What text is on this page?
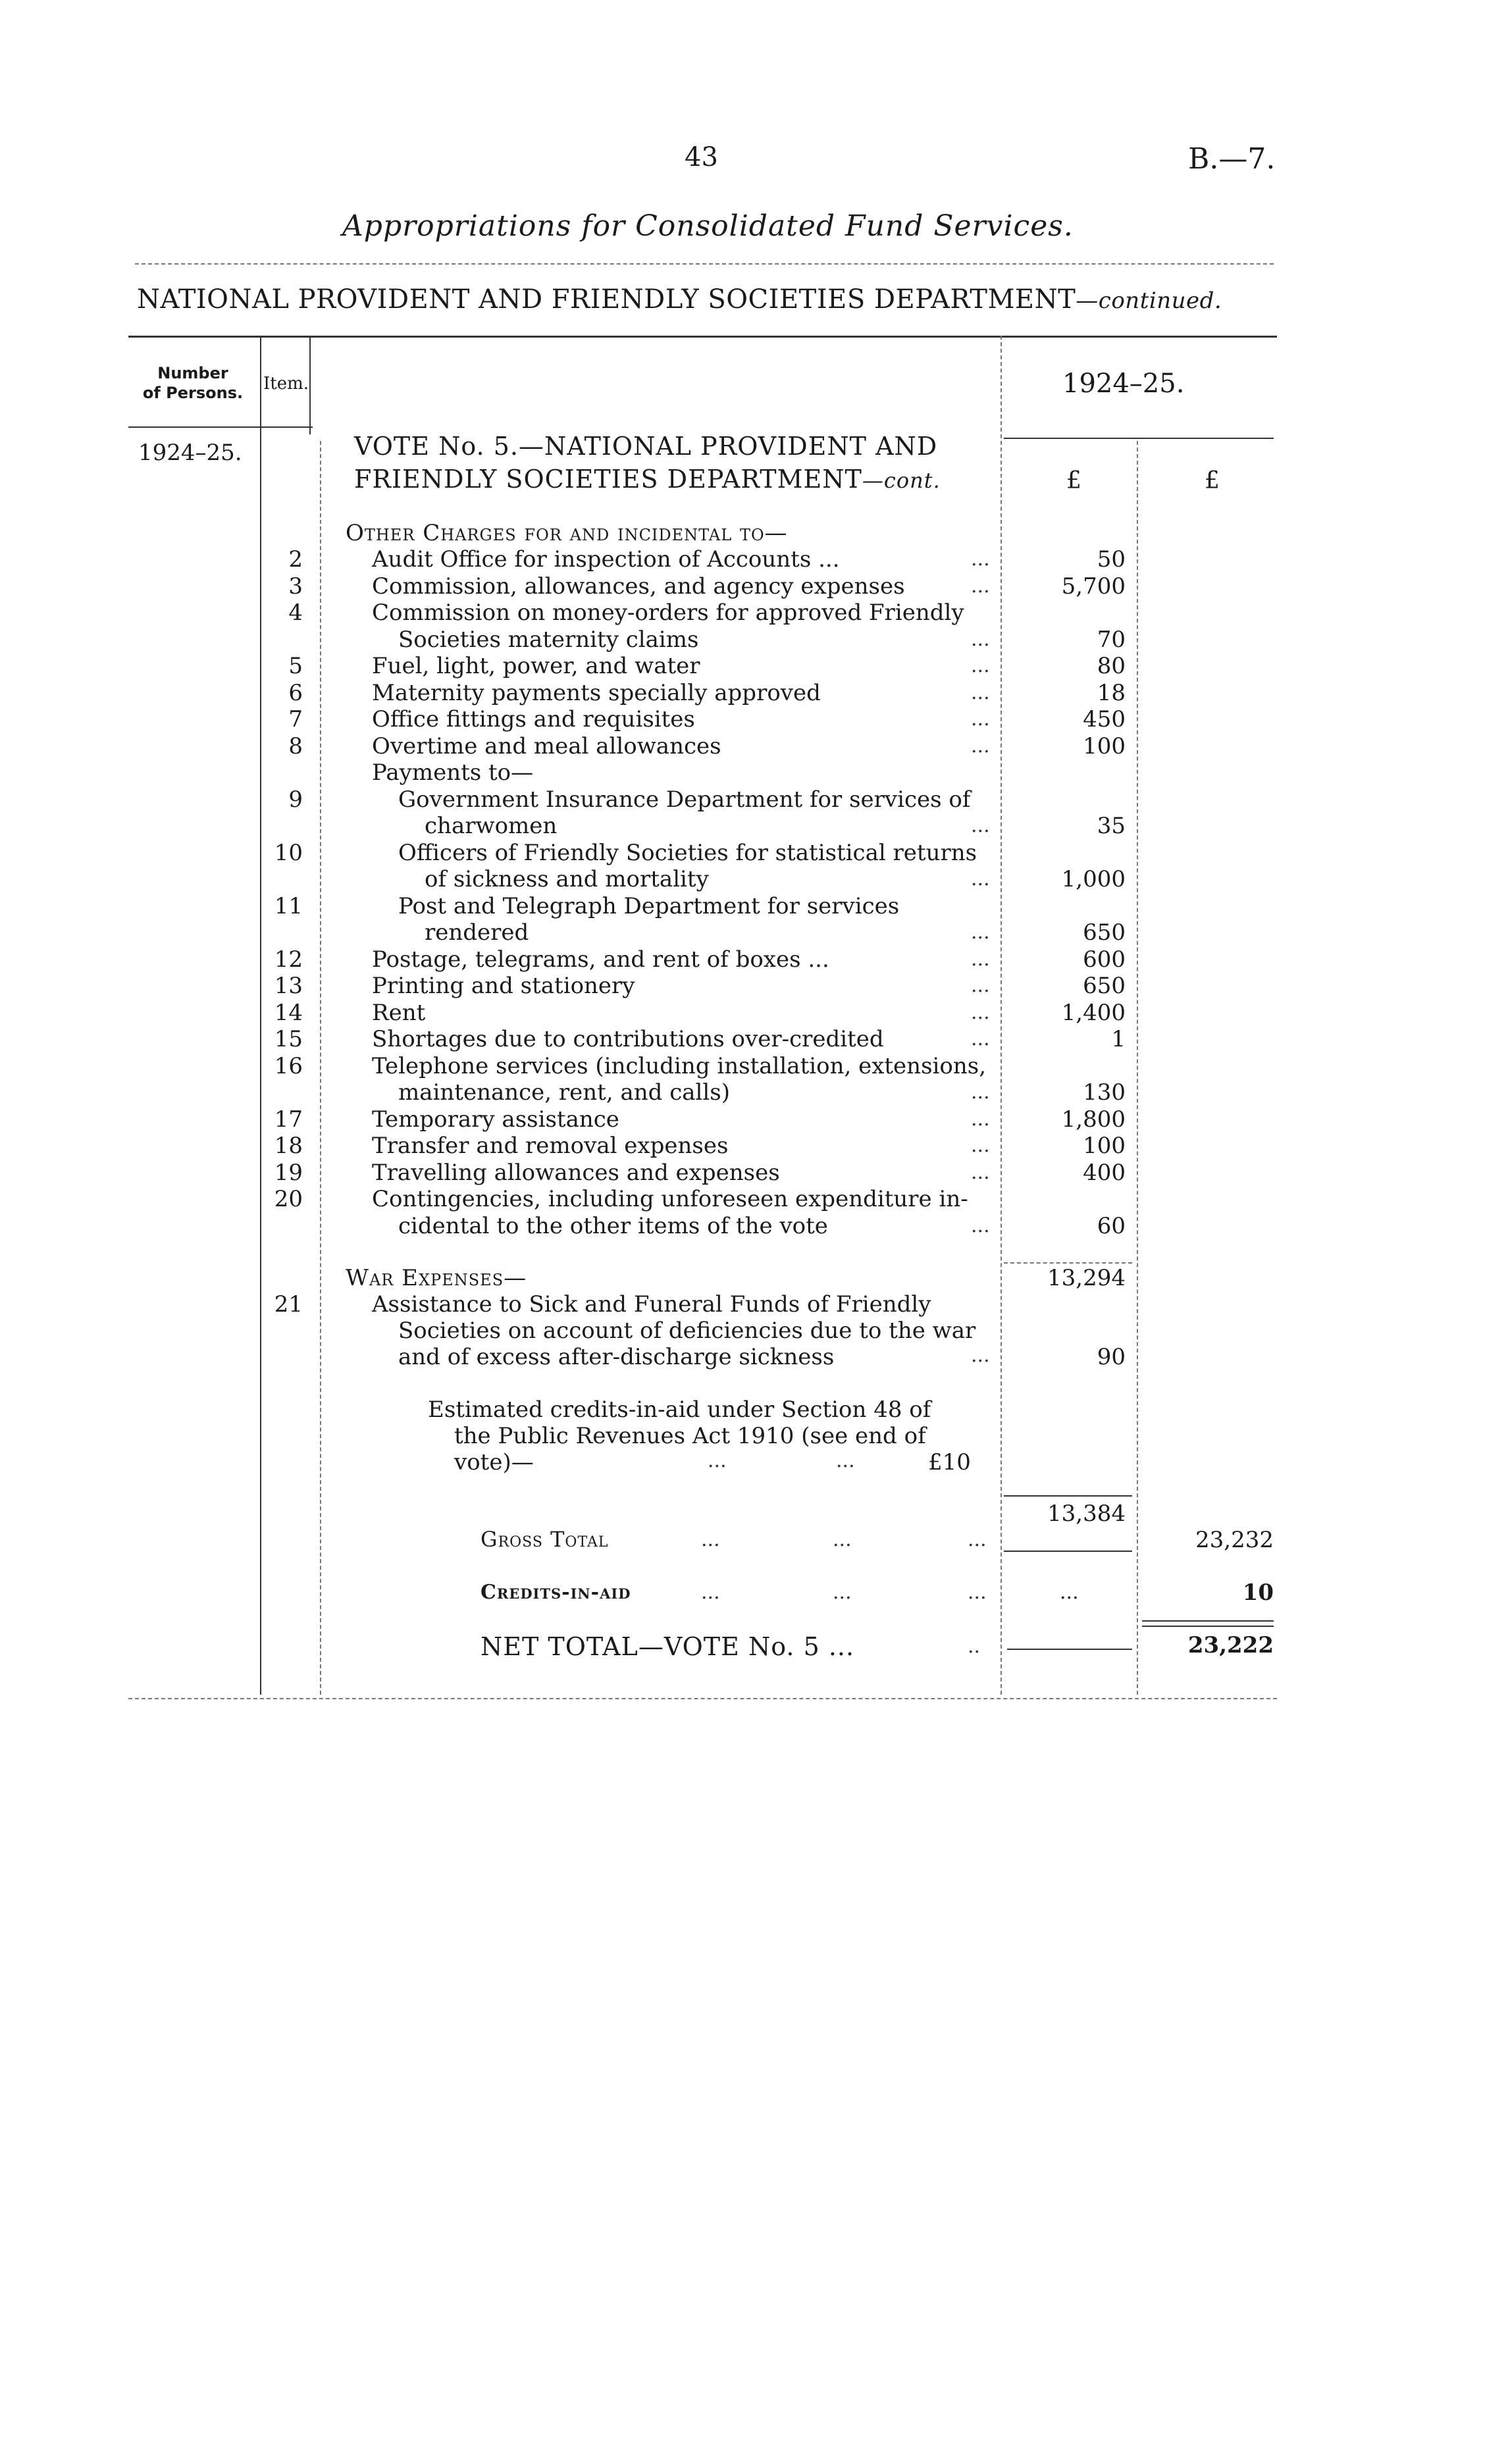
43	B.—7.
Appropriations for Consolidated Fund Services.
NATIONAL PROVIDENT AND FRIENDLY SOCIETIES DEPARTMENT—continued.
Number
of Persons.	Item.	1924–25.
1924–25.	VOTE No. 5.—NATIONAL PROVIDENT AND
FRIENDLY SOCIETIES DEPARTMENT—cont.	£	£
Other Charges for and incidental to—
2	Audit Office for inspection of Accounts ...	...	50
3	Commission, allowances, and agency expenses	...	5,700
4	Commission on money-orders for approved Friendly
Societies maternity claims	...	70
5	Fuel, light, power, and water	...	80
6	Maternity payments specially approved	...	18
7	Office fittings and requisites	...	450
8	Overtime and meal allowances	...	100
Payments to—
9	Government Insurance Department for services of
charwomen	...	35
10	Officers of Friendly Societies for statistical returns
of sickness and mortality	...	1,000
11	Post and Telegraph Department for services
rendered	...	650
12	Postage, telegrams, and rent of boxes ...	...	600
13	Printing and stationery	...	650
14	Rent	...	1,400
15	Shortages due to contributions over-credited	...	1
16	Telephone services (including installation, extensions,
maintenance, rent, and calls)	...	130
17	Temporary assistance	...	1,800
18	Transfer and removal expenses	...	100
19	Travelling allowances and expenses	...	400
20	Contingencies, including unforeseen expenditure in-
cidental to the other items of the vote	...	60
13,294
War Expenses—
21	Assistance to Sick and Funeral Funds of Friendly
Societies on account of deficiencies due to the war
and of excess after-discharge sickness	...	90
Estimated credits-in-aid under Section 48 of
the Public Revenues Act 1910 (see end of
vote)—	...	...	£10
13,384
Gross Total	...	...	...	23,232
Credits-in-aid	...	...	...	...	10
NET TOTAL—VOTE No. 5 ...	..	23,222
